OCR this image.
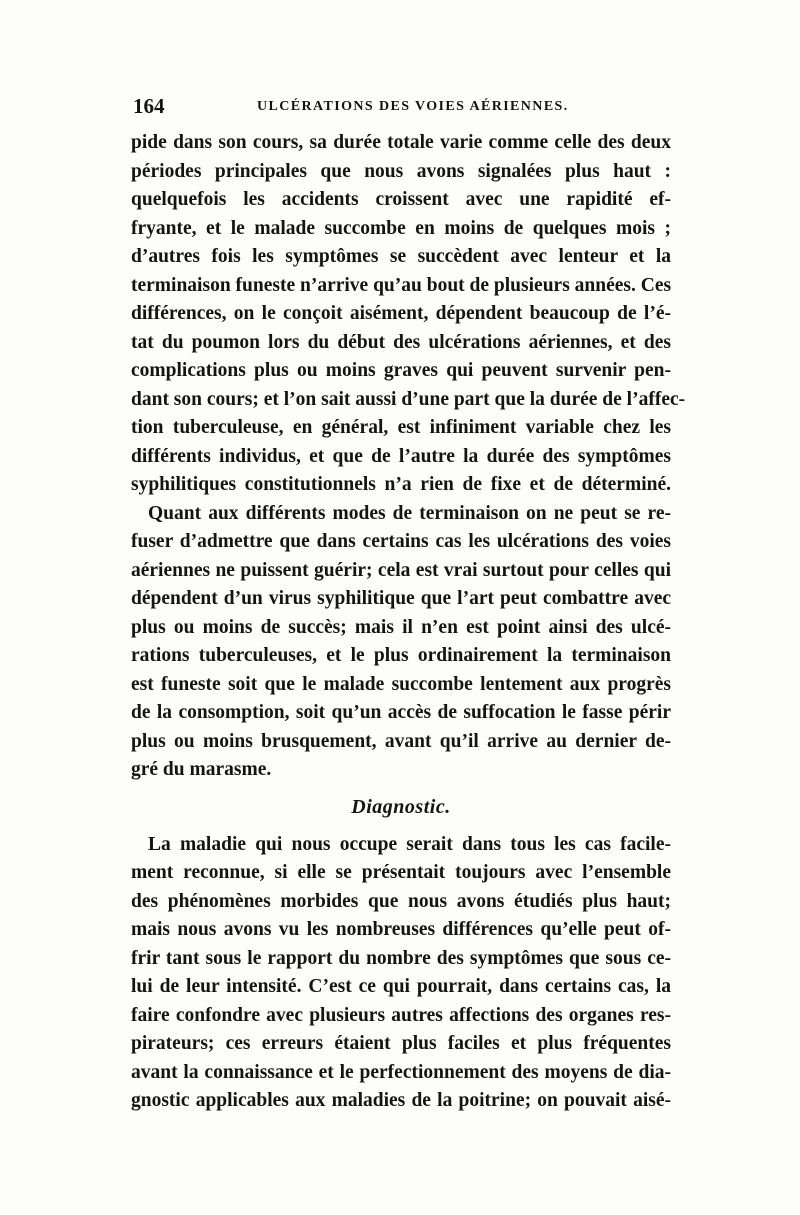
164	ULCÉRATIONS DES VOIES AÉRIENNES.
pide dans son cours, sa durée totale varie comme celle des deux
périodes principales que nous avons signalées plus haut :
quelquefois les accidents croissent avec une rapidité ef-
fryante, et le malade succombe en moins de quelques mois ;
d’autres fois les symptômes se succèdent avec lenteur et la
terminaison funeste n’arrive qu’au bout de plusieurs années. Ces
différences, on le conçoit aisément, dépendent beaucoup de l’é-
tat du poumon lors du début des ulcérations aériennes, et des
complications plus ou moins graves qui peuvent survenir pen-
dant son cours; et l’on sait aussi d’une part que la durée de l’affec-
tion tuberculeuse, en général, est infiniment variable chez les
différents individus, et que de l’autre la durée des symptômes
syphilitiques constitutionnels n’a rien de fixe et de déterminé.
Quant aux différents modes de terminaison on ne peut se re-
fuser d’admettre que dans certains cas les ulcérations des voies
aériennes ne puissent guérir; cela est vrai surtout pour celles qui
dépendent d’un virus syphilitique que l’art peut combattre avec
plus ou moins de succès; mais il n’en est point ainsi des ulcé-
rations tuberculeuses, et le plus ordinairement la terminaison
est funeste soit que le malade succombe lentement aux progrès
de la consomption, soit qu’un accès de suffocation le fasse périr
plus ou moins brusquement, avant qu’il arrive au dernier de-
gré du marasme.
Diagnostic.
La maladie qui nous occupe serait dans tous les cas facile-
ment reconnue, si elle se présentait toujours avec l’ensemble
des phénomènes morbides que nous avons étudiés plus haut;
mais nous avons vu les nombreuses différences qu’elle peut of-
frir tant sous le rapport du nombre des symptômes que sous ce-
lui de leur intensité. C’est ce qui pourrait, dans certains cas, la
faire confondre avec plusieurs autres affections des organes res-
pirateurs; ces erreurs étaient plus faciles et plus fréquentes
avant la connaissance et le perfectionnement des moyens de dia-
gnostic applicables aux maladies de la poitrine; on pouvait aisé-
